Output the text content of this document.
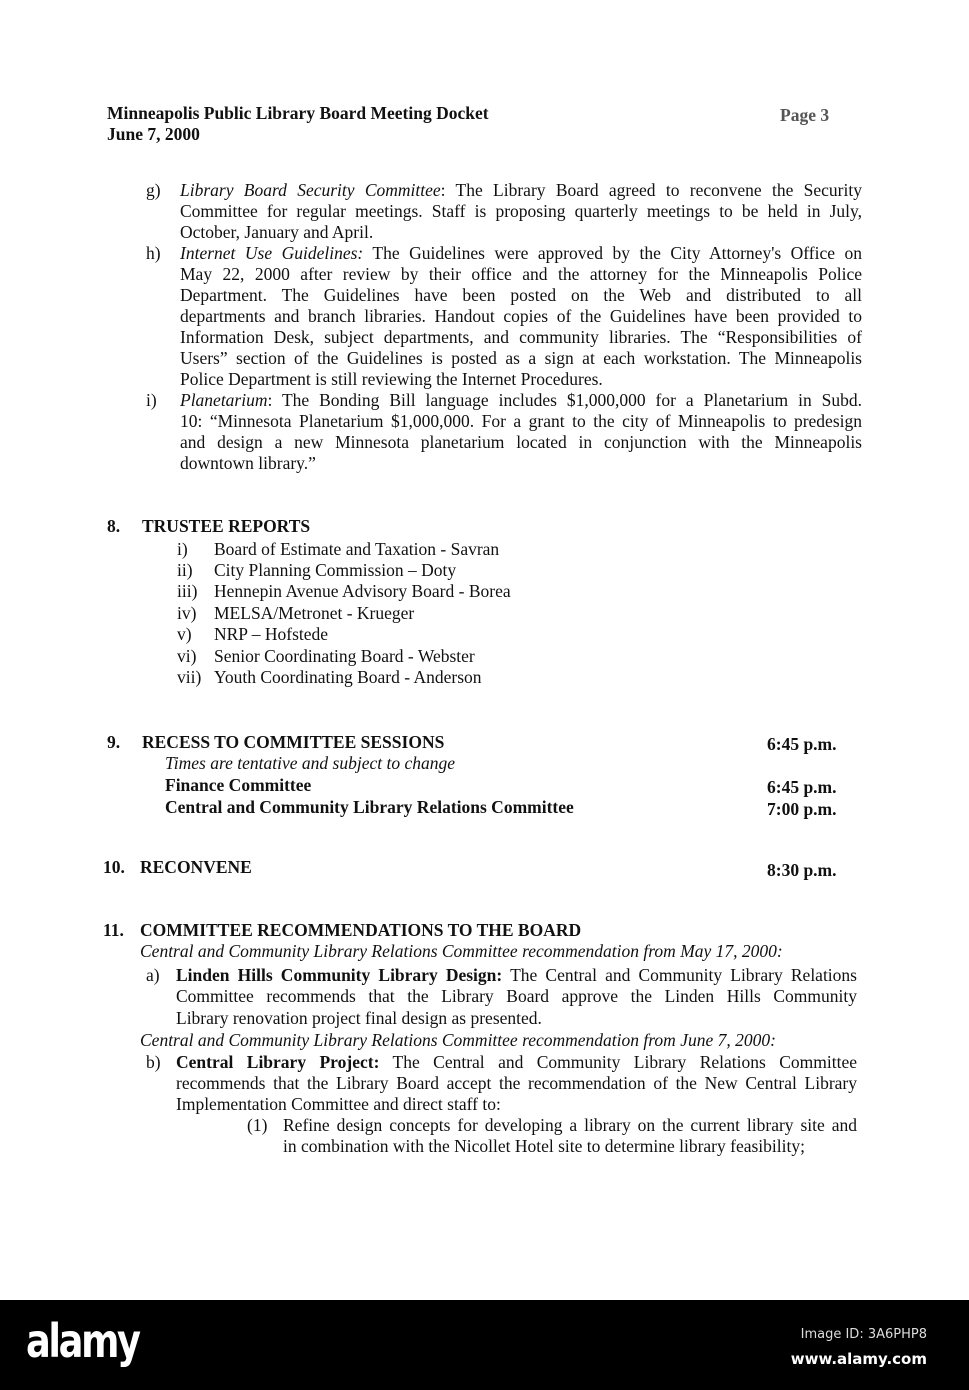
Minneapolis Public Library Board Meeting Docket
June 7, 2000
Page 3
g) Library Board Security Committee: The Library Board agreed to reconvene the Security
Committee for regular meetings. Staff is proposing quarterly meetings to be held in July,
October, January and April.
h) Internet Use Guidelines: The Guidelines were approved by the City Attorney's Office on
May 22, 2000 after review by their office and the attorney for the Minneapolis Police
Department. The Guidelines have been posted on the Web and distributed to all
departments and branch libraries. Handout copies of the Guidelines have been provided to
Information Desk, subject departments, and community libraries. The “Responsibilities of
Users” section of the Guidelines is posted as a sign at each workstation. The Minneapolis
Police Department is still reviewing the Internet Procedures.
i) Planetarium: The Bonding Bill language includes $1,000,000 for a Planetarium in Subd.
10: “Minnesota Planetarium $1,000,000. For a grant to the city of Minneapolis to predesign
and design a new Minnesota planetarium located in conjunction with the Minneapolis
downtown library.”
8. TRUSTEE REPORTS
i) Board of Estimate and Taxation - Savran
ii) City Planning Commission – Doty
iii) Hennepin Avenue Advisory Board - Borea
iv) MELSA/Metronet - Krueger
v) NRP – Hofstede
vi) Senior Coordinating Board - Webster
vii) Youth Coordinating Board - Anderson
9. RECESS TO COMMITTEE SESSIONS	6:45 p.m.
Times are tentative and subject to change
Finance Committee	6:45 p.m.
Central and Community Library Relations Committee	7:00 p.m.
10. RECONVENE	8:30 p.m.
11. COMMITTEE RECOMMENDATIONS TO THE BOARD
Central and Community Library Relations Committee recommendation from May 17, 2000:
a) Linden Hills Community Library Design: The Central and Community Library Relations
Committee recommends that the Library Board approve the Linden Hills Community
Library renovation project final design as presented.
Central and Community Library Relations Committee recommendation from June 7, 2000:
b) Central Library Project: The Central and Community Library Relations Committee
recommends that the Library Board accept the recommendation of the New Central Library
Implementation Committee and direct staff to:
(1) Refine design concepts for developing a library on the current library site and
in combination with the Nicollet Hotel site to determine library feasibility;
alamy	Image ID: 3A6PHP8
www.alamy.com
